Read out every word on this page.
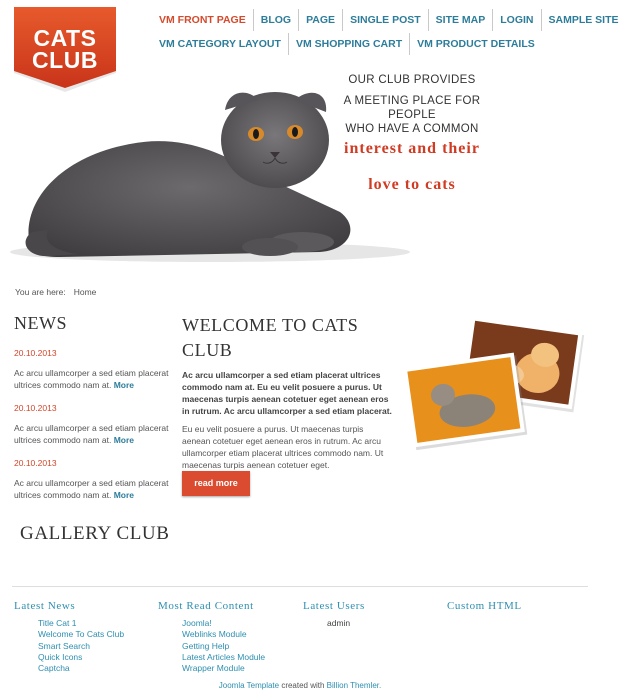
CATS
CLUB
VM FRONT PAGE	BLOG	PAGE	SINGLE POST	SITE MAP	LOGIN	SAMPLE SITE
VM CATEGORY LAYOUT	VM SHOPPING CART	VM PRODUCT DETAILS
OUR CLUB PROVIDES
A MEETING PLACE FOR
PEOPLE
WHO HAVE A COMMON
interest and their
love to cats
You are here: Home
NEWS
20.10.2013
Ac arcu ullamcorper a sed etiam placerat ultrices commodo nam at. More
20.10.2013
Ac arcu ullamcorper a sed etiam placerat ultrices commodo nam at. More
20.10.2013
Ac arcu ullamcorper a sed etiam placerat ultrices commodo nam at. More
WELCOME TO CATS CLUB
Ac arcu ullamcorper a sed etiam placerat ultrices commodo nam at. Eu eu velit posuere a purus. Ut maecenas turpis aenean cotetuer eget aenean eros in rutrum. Ac arcu ullamcorper a sed etiam placerat.
Eu eu velit posuere a purus. Ut maecenas turpis aenean cotetuer eget aenean eros in rutrum. Ac arcu ullamcorper etiam placerat ultrices commodo nam. Ut maecenas turpis aenean cotetuer eget.
read more
GALLERY CLUB
Latest News
Title Cat 1
Welcome To Cats Club
Smart Search
Quick Icons
Captcha
Most Read Content
Joomla!
Weblinks Module
Getting Help
Latest Articles Module
Wrapper Module
Latest Users
admin
Custom HTML
Joomla Template created with Billion Themler.
